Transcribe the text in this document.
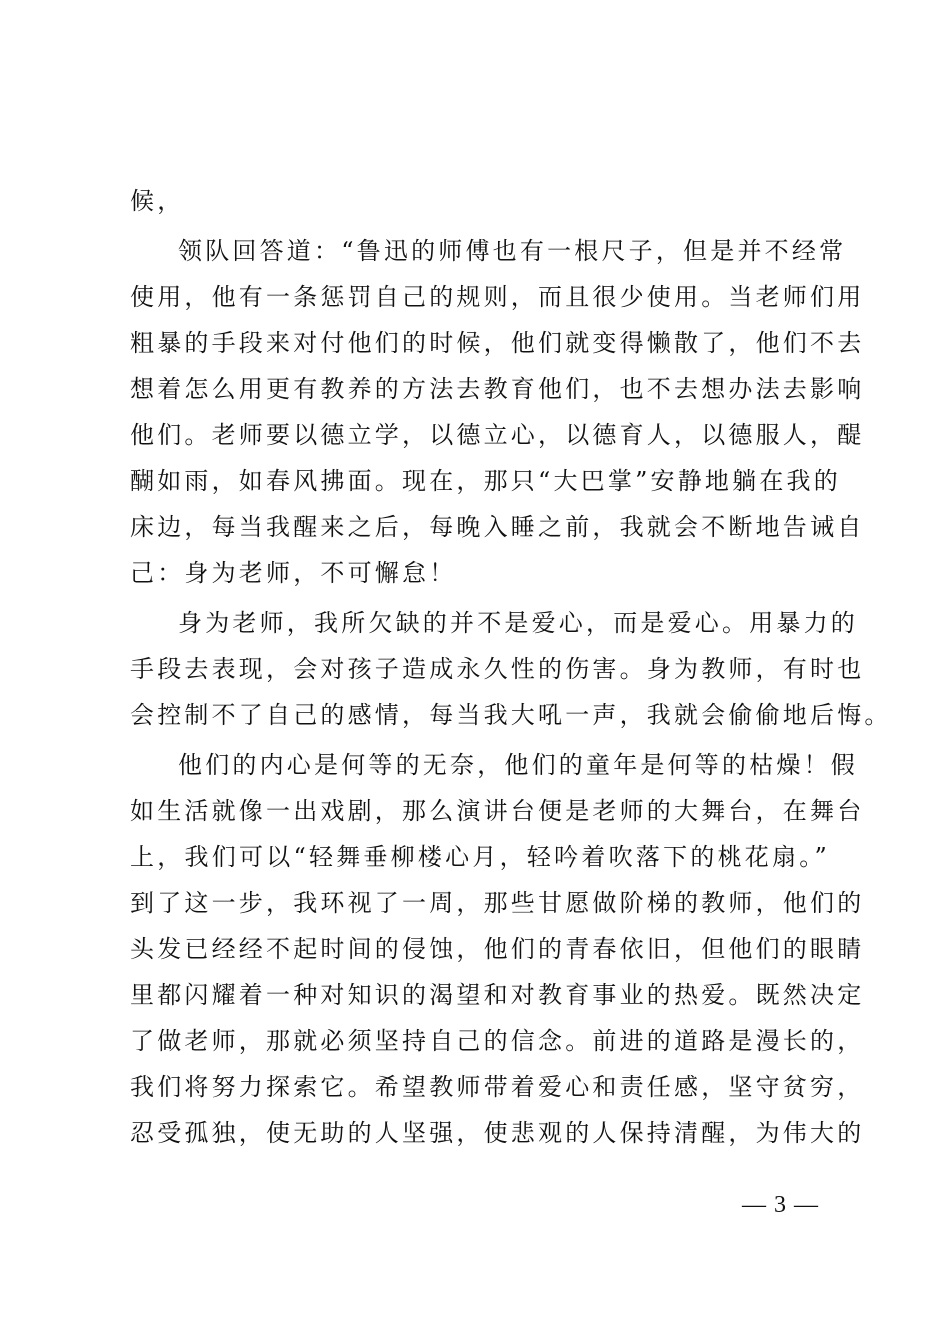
候，
领队回答道：“鲁迅的师傅也有一根尺子，但是并不经常
使用，他有一条惩罚自己的规则，而且很少使用。当老师们用
粗暴的手段来对付他们的时候，他们就变得懒散了，他们不去
想着怎么用更有教养的方法去教育他们，也不去想办法去影响
他们。老师要以德立学，以德立心，以德育人，以德服人，醍
醐如雨，如春风拂面。现在，那只“大巴掌”安静地躺在我的
床边，每当我醒来之后，每晚入睡之前，我就会不断地告诫自
己：身为老师，不可懈怠！
身为老师，我所欠缺的并不是爱心，而是爱心。用暴力的
手段去表现，会对孩子造成永久性的伤害。身为教师，有时也
会控制不了自己的感情，每当我大吼一声，我就会偷偷地后悔。
他们的内心是何等的无奈，他们的童年是何等的枯燥！假
如生活就像一出戏剧，那么演讲台便是老师的大舞台，在舞台
上，我们可以“轻舞垂柳楼心月，轻吟着吹落下的桃花扇。”
到了这一步，我环视了一周，那些甘愿做阶梯的教师，他们的
头发已经经不起时间的侵蚀，他们的青春依旧，但他们的眼睛
里都闪耀着一种对知识的渴望和对教育事业的热爱。既然决定
了做老师，那就必须坚持自己的信念。前进的道路是漫长的，
我们将努力探索它。希望教师带着爱心和责任感，坚守贫穷，
忍受孤独，使无助的人坚强，使悲观的人保持清醒，为伟大的
— 3 —
